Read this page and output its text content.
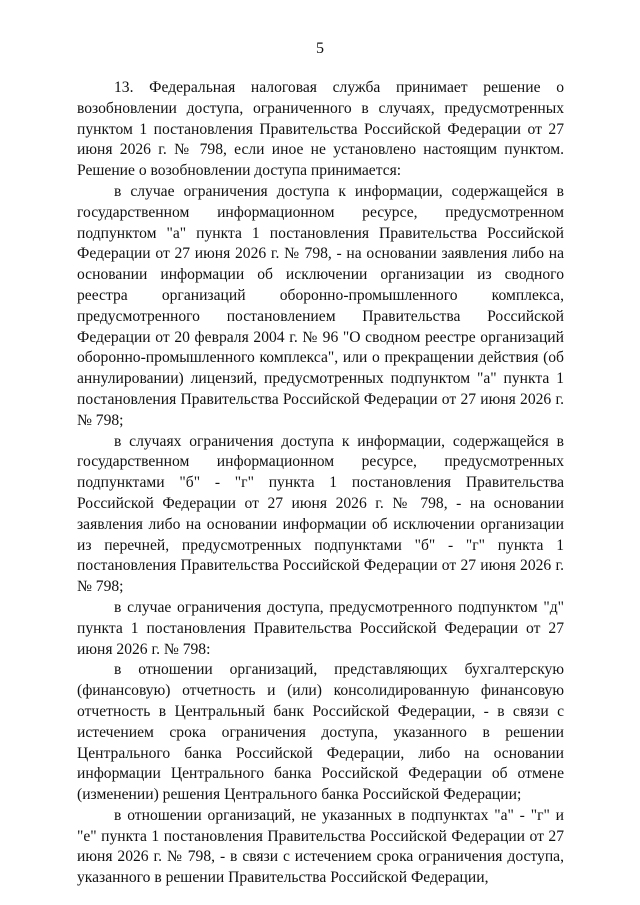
5

13. Федеральная налоговая служба принимает решение о возобновлении доступа, ограниченного в случаях, предусмотренных пунктом 1 постановления Правительства Российской Федерации от 27 июня 2026 г. № 798, если иное не установлено настоящим пунктом. Решение о возобновлении доступа принимается:

в случае ограничения доступа к информации, содержащейся в государственном информационном ресурсе, предусмотренном подпунктом "а" пункта 1 постановления Правительства Российской Федерации от 27 июня 2026 г. № 798, - на основании заявления либо на основании информации об исключении организации из сводного реестра организаций оборонно-промышленного комплекса, предусмотренного постановлением Правительства Российской Федерации от 20 февраля 2004 г. № 96 "О сводном реестре организаций оборонно-промышленного комплекса", или о прекращении действия (об аннулировании) лицензий, предусмотренных подпунктом "а" пункта 1 постановления Правительства Российской Федерации от 27 июня 2026 г. № 798;

в случаях ограничения доступа к информации, содержащейся в государственном информационном ресурсе, предусмотренных подпунктами "б" - "г" пункта 1 постановления Правительства Российской Федерации от 27 июня 2026 г. № 798, - на основании заявления либо на основании информации об исключении организации из перечней, предусмотренных подпунктами "б" - "г" пункта 1 постановления Правительства Российской Федерации от 27 июня 2026 г. № 798;

в случае ограничения доступа, предусмотренного подпунктом "д" пункта 1 постановления Правительства Российской Федерации от 27 июня 2026 г. № 798:

в отношении организаций, представляющих бухгалтерскую (финансовую) отчетность и (или) консолидированную финансовую отчетность в Центральный банк Российской Федерации, - в связи с истечением срока ограничения доступа, указанного в решении Центрального банка Российской Федерации, либо на основании информации Центрального банка Российской Федерации об отмене (изменении) решения Центрального банка Российской Федерации;

в отношении организаций, не указанных в подпунктах "а" - "г" и "е" пункта 1 постановления Правительства Российской Федерации от 27 июня 2026 г. № 798, - в связи с истечением срока ограничения доступа, указанного в решении Правительства Российской Федерации,
